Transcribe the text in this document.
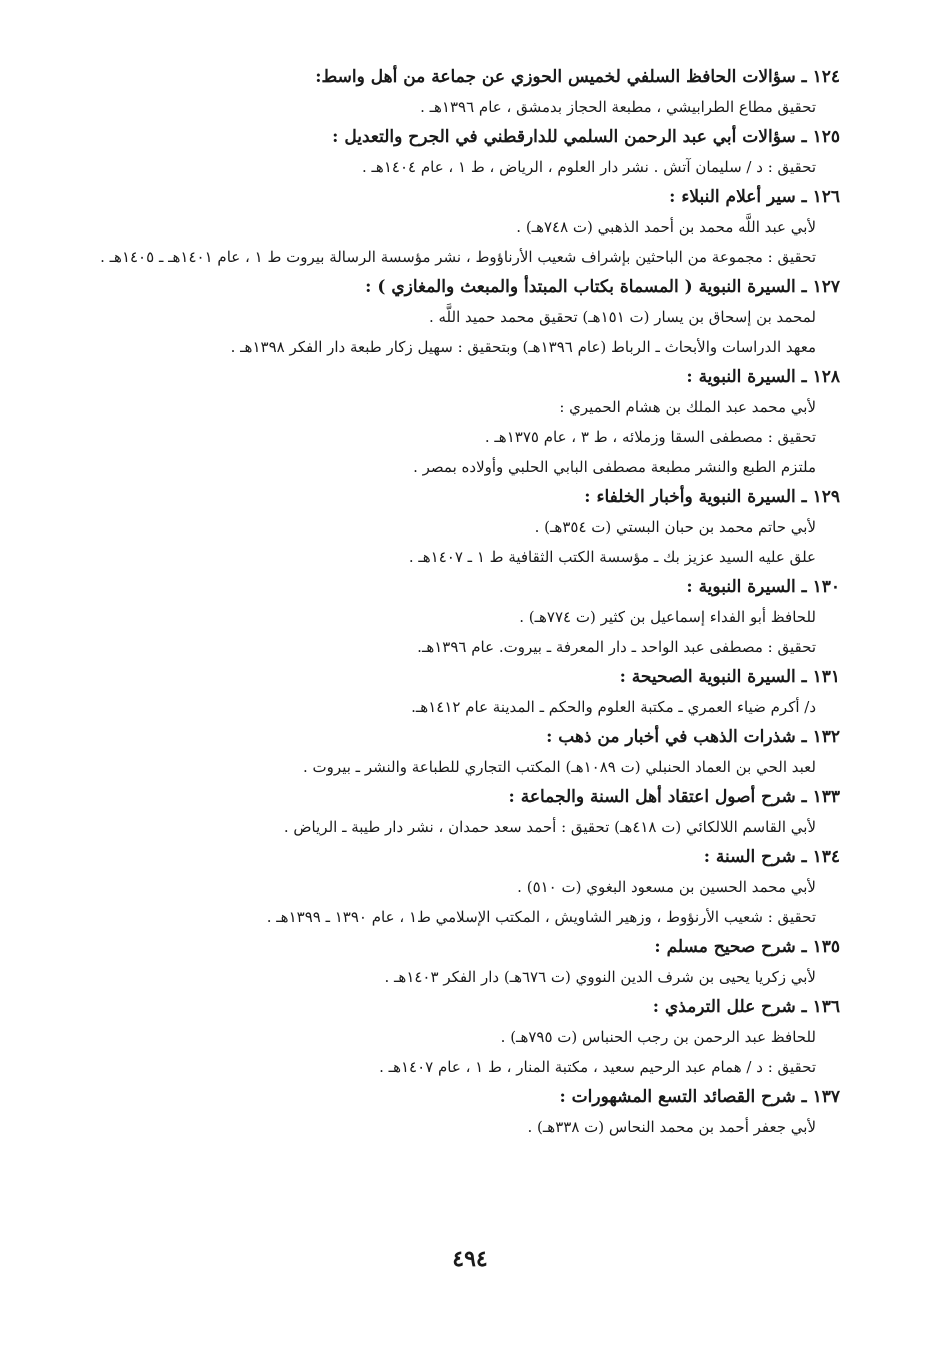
١٢٤ ـ سؤالات الحافظ السلفي لخميس الحوزي عن جماعة من أهل واسط:

تحقيق مطاع الطرابيشي ، مطبعة الحجاز بدمشق ، عام ١٣٩٦هـ .

١٢٥ ـ سؤالات أبي عبد الرحمن السلمي للدارقطني في الجرح والتعديل :

تحقيق : د / سليمان آتش . نشر دار العلوم ، الرياض ، ط ١ ، عام ١٤٠٤هـ .

١٢٦ ـ سير أعلام النبلاء :

لأبي عبد اللَّه محمد بن أحمد الذهبي (ت ٧٤٨هـ) .

تحقيق : مجموعة من الباحثين بإشراف شعيب الأرناؤوط ، نشر مؤسسة الرسالة بيروت ط ١ ، عام ١٤٠١هـ ـ ١٤٠٥هـ .

١٢٧ ـ السيرة النبوية ( المسماة بكتاب المبتدأ والمبعث والمغازي ) :

لمحمد بن إسحاق بن يسار (ت ١٥١هـ) تحقيق محمد حميد اللَّه .

معهد الدراسات والأبحاث ـ الرباط (عام ١٣٩٦هـ) وبتحقيق : سهيل زكار طبعة دار الفكر ١٣٩٨هـ .

١٢٨ ـ السيرة النبوية :

لأبي محمد عبد الملك بن هشام الحميري :

تحقيق : مصطفى السقا وزملائه ، ط ٣ ، عام ١٣٧٥هـ .

ملتزم الطبع والنشر مطبعة مصطفى البابي الحلبي وأولاده بمصر .

١٢٩ ـ السيرة النبوية وأخبار الخلفاء :

لأبي حاتم محمد بن حبان البستي (ت ٣٥٤هـ) .

علق عليه السيد عزيز بك ـ مؤسسة الكتب الثقافية ط ١ ـ ١٤٠٧هـ .

١٣٠ ـ السيرة النبوية :

للحافظ أبو الفداء إسماعيل بن كثير (ت ٧٧٤هـ) .

تحقيق : مصطفى عبد الواحد ـ دار المعرفة ـ بيروت. عام ١٣٩٦هـ.

١٣١ ـ السيرة النبوية الصحيحة :

د/ أكرم ضياء العمري ـ مكتبة العلوم والحكم ـ المدينة عام ١٤١٢هـ.

١٣٢ ـ شذرات الذهب في أخبار من ذهب :

لعبد الحي بن العماد الحنبلي (ت ١٠٨٩هـ) المكتب التجاري للطباعة والنشر ـ بيروت .

١٣٣ ـ شرح أصول اعتقاد أهل السنة والجماعة :

لأبي القاسم اللالكائي (ت ٤١٨هـ) تحقيق : أحمد سعد حمدان ، نشر دار طيبة ـ الرياض .

١٣٤ ـ شرح السنة :

لأبي محمد الحسين بن مسعود البغوي (ت ٥١٠) .

تحقيق : شعيب الأرنؤوط ، وزهير الشاويش ، المكتب الإسلامي ط١ ، عام ١٣٩٠ ـ ١٣٩٩هـ .

١٣٥ ـ شرح صحيح مسلم :

لأبي زكريا يحيى بن شرف الدين النووي (ت ٦٧٦هـ) دار الفكر ١٤٠٣هـ .

١٣٦ ـ شرح علل الترمذي :

للحافظ عبد الرحمن بن رجب الحنباس (ت ٧٩٥هـ) .

تحقيق : د / همام عبد الرحيم سعيد ، مكتبة المنار ، ط ١ ، عام ١٤٠٧هـ .

١٣٧ ـ شرح القصائد التسع المشهورات :

لأبي جعفر أحمد بن محمد النحاس (ت ٣٣٨هـ) .

٤٩٤
